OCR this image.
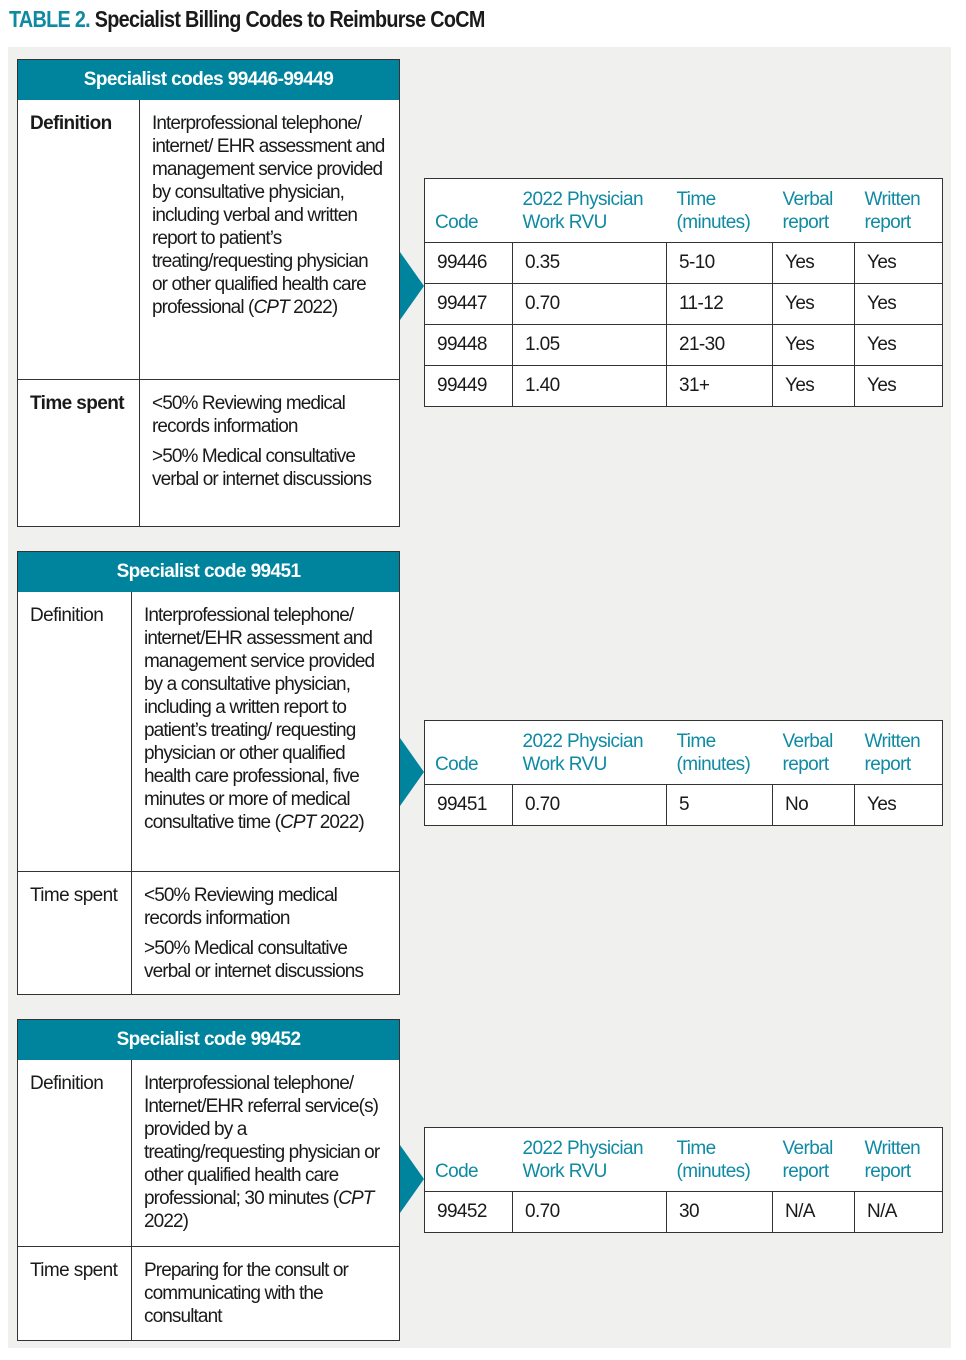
TABLE 2. Specialist Billing Codes to Reimburse CoCM
Specialist codes 99446-99449
Definition	Interprofessional telephone/ internet/ EHR assessment and management service provided by consultative physician, including verbal and written report to patient’s treating/requesting physician or other qualified health care professional (CPT 2022)
Time spent	<50% Reviewing medical records information

>50% Medical consultative verbal or internet discussions

Code	2022 Physician Work RVU	Time (minutes)	Verbal report	Written report
99446	0.35	5-10	Yes	Yes
99447	0.70	11-12	Yes	Yes
99448	1.05	21-30	Yes	Yes
99449	1.40	31+	Yes	Yes
Specialist code 99451
Definition	Interprofessional telephone/ internet/EHR assessment and management service provided by a consultative physician, including a written report to patient’s treating/ requesting physician or other qualified health care professional, five minutes or more of medical consultative time (CPT 2022)
Time spent	<50% Reviewing medical records information

>50% Medical consultative verbal or internet discussions

Code	2022 Physician Work RVU	Time (minutes)	Verbal report	Written report
99451	0.70	5	No	Yes
Specialist code 99452
Definition	Interprofessional telephone/ Internet/EHR referral service(s) provided by a treating/requesting physician or other qualified health care professional; 30 minutes (CPT 2022)
Time spent	Preparing for the consult or communicating with the consultant

Code	2022 Physician Work RVU	Time (minutes)	Verbal report	Written report
99452	0.70	30	N/A	N/A
